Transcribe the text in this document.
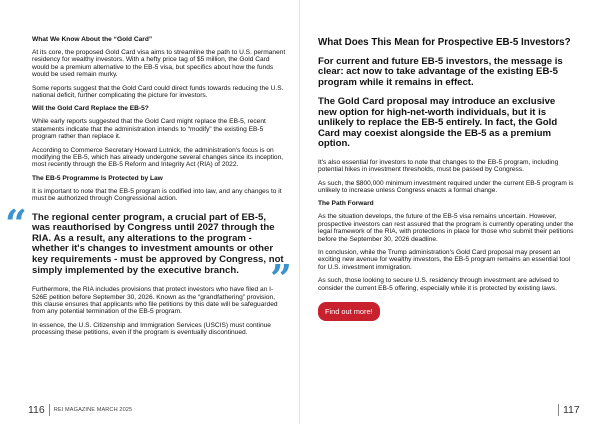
What We Know About the “Gold Card”
At its core, the proposed Gold Card visa aims to streamline the path to U.S. permanent residency for wealthy investors. With a hefty price tag of $5 million, the Gold Card would be a premium alternative to the EB-5 visa, but specifics about how the funds would be used remain murky.
Some reports suggest that the Gold Card could direct funds towards reducing the U.S. national deficit, further complicating the picture for investors.
Will the Gold Card Replace the EB-5?
While early reports suggested that the Gold Card might replace the EB-5, recent statements indicate that the administration intends to “modify” the existing EB-5 program rather than replace it.
According to Commerce Secretary Howard Lutnick, the administration's focus is on modifying the EB-5, which has already undergone several changes since its inception, most recently through the EB-5 Reform and Integrity Act (RIA) of 2022.
The EB-5 Programme Is Protected by Law
It is important to note that the EB-5 program is codified into law, and any changes to it must be authorized through Congressional action.
“ The regional center program, a crucial part of EB-5, was reauthorised by Congress until 2027 through the RIA. As a result, any alterations to the program - whether it's changes to investment amounts or other key requirements - must be approved by Congress, not simply implemented by the executive branch. ”
Furthermore, the RIA includes provisions that protect investors who have filed an I-526E petition before September 30, 2026. Known as the “grandfathering” provision, this clause ensures that applicants who file petitions by this date will be safeguarded from any potential termination of the EB-5 program.
In essence, the U.S. Citizenship and Immigration Services (USCIS) must continue processing these petitions, even if the program is eventually discontinued.
What Does This Mean for Prospective EB-5 Investors?
For current and future EB-5 investors, the message is clear: act now to take advantage of the existing EB-5 program while it remains in effect.
The Gold Card proposal may introduce an exclusive new option for high-net-worth individuals, but it is unlikely to replace the EB-5 entirely. In fact, the Gold Card may coexist alongside the EB-5 as a premium option.
It's also essential for investors to note that changes to the EB-5 program, including potential hikes in investment thresholds, must be passed by Congress.
As such, the $800,000 minimum investment required under the current EB-5 program is unlikely to increase unless Congress enacts a formal change.
The Path Forward
As the situation develops, the future of the EB-5 visa remains uncertain. However, prospective investors can rest assured that the program is currently operating under the legal framework of the RIA, with protections in place for those who submit their petitions before the September 30, 2026 deadline.
In conclusion, while the Trump administration's Gold Card proposal may present an exciting new avenue for wealthy investors, the EB-5 program remains an essential tool for U.S. investment immigration.
As such, those looking to secure U.S. residency through investment are advised to consider the current EB-5 offering, especially while it is protected by existing laws.
Find out more!
116 REI MAGAZINE MARCH 2025	117
